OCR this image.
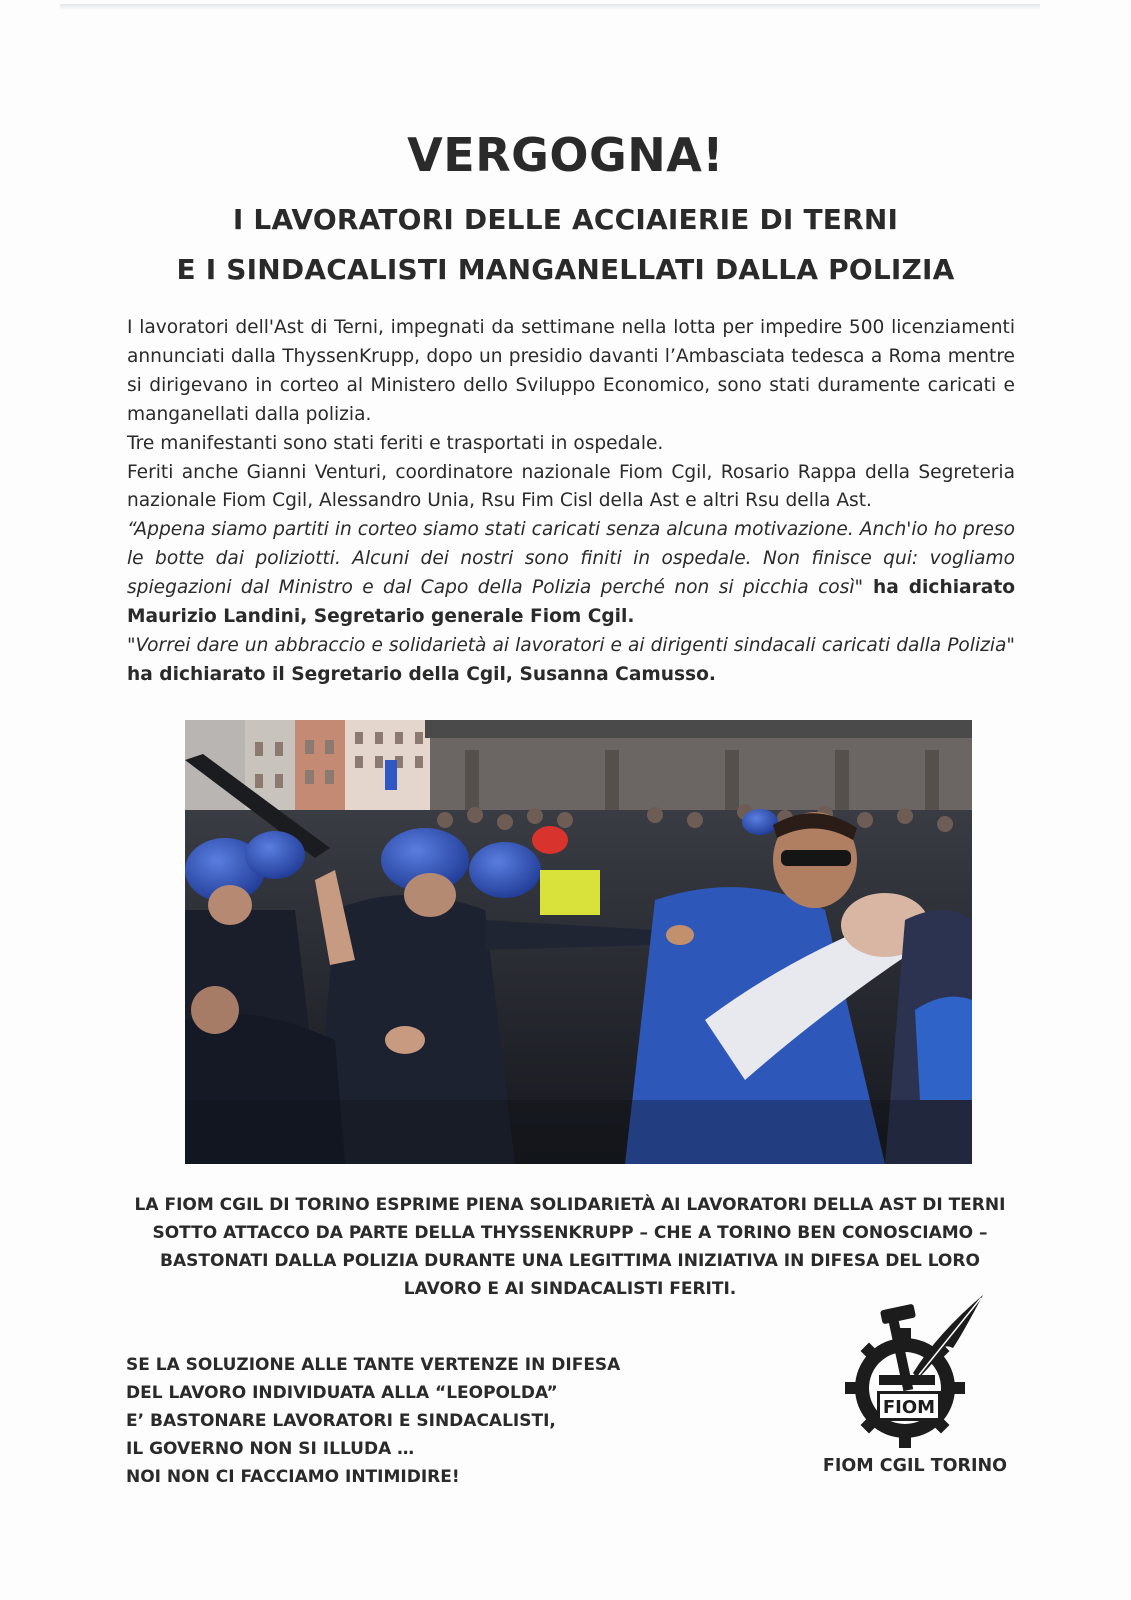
VERGOGNA!
I LAVORATORI DELLE ACCIAIERIE DI TERNI
E I SINDACALISTI MANGANELLATI DALLA POLIZIA

I lavoratori dell'Ast di Terni, impegnati da settimane nella lotta per impedire 500 licenziamenti annunciati dalla ThyssenKrupp, dopo un presidio davanti l’Ambasciata tedesca a Roma mentre si dirigevano in corteo al Ministero dello Sviluppo Economico, sono stati duramente caricati e manganellati dalla polizia.

Tre manifestanti sono stati feriti e trasportati in ospedale.

Feriti anche Gianni Venturi, coordinatore nazionale Fiom Cgil, Rosario Rappa della Segreteria nazionale Fiom Cgil, Alessandro Unia, Rsu Fim Cisl della Ast e altri Rsu della Ast.

“Appena siamo partiti in corteo siamo stati caricati senza alcuna motivazione. Anch'io ho preso le botte dai poliziotti. Alcuni dei nostri sono finiti in ospedale. Non finisce qui: vogliamo spiegazioni dal Ministro e dal Capo della Polizia perché non si picchia così" ha dichiarato Maurizio Landini, Segretario generale Fiom Cgil.

"Vorrei dare un abbraccio e solidarietà ai lavoratori e ai dirigenti sindacali caricati dalla Polizia" ha dichiarato il Segretario della Cgil, Susanna Camusso.

LA FIOM CGIL DI TORINO ESPRIME PIENA SOLIDARIETÀ AI LAVORATORI DELLA AST DI TERNI
SOTTO ATTACCO DA PARTE DELLA THYSSENKRUPP – CHE A TORINO BEN CONOSCIAMO –
BASTONATI DALLA POLIZIA DURANTE UNA LEGITTIMA INIZIATIVA IN DIFESA DEL LORO
LAVORO E AI SINDACALISTI FERITI.
SE LA SOLUZIONE ALLE TANTE VERTENZE IN DIFESA
DEL LAVORO INDIVIDUATA ALLA “LEOPOLDA”
E’ BASTONARE LAVORATORI E SINDACALISTI,
IL GOVERNO NON SI ILLUDA …
NOI NON CI FACCIAMO INTIMIDIRE!
FIOM

FIOM CGIL TORINO
